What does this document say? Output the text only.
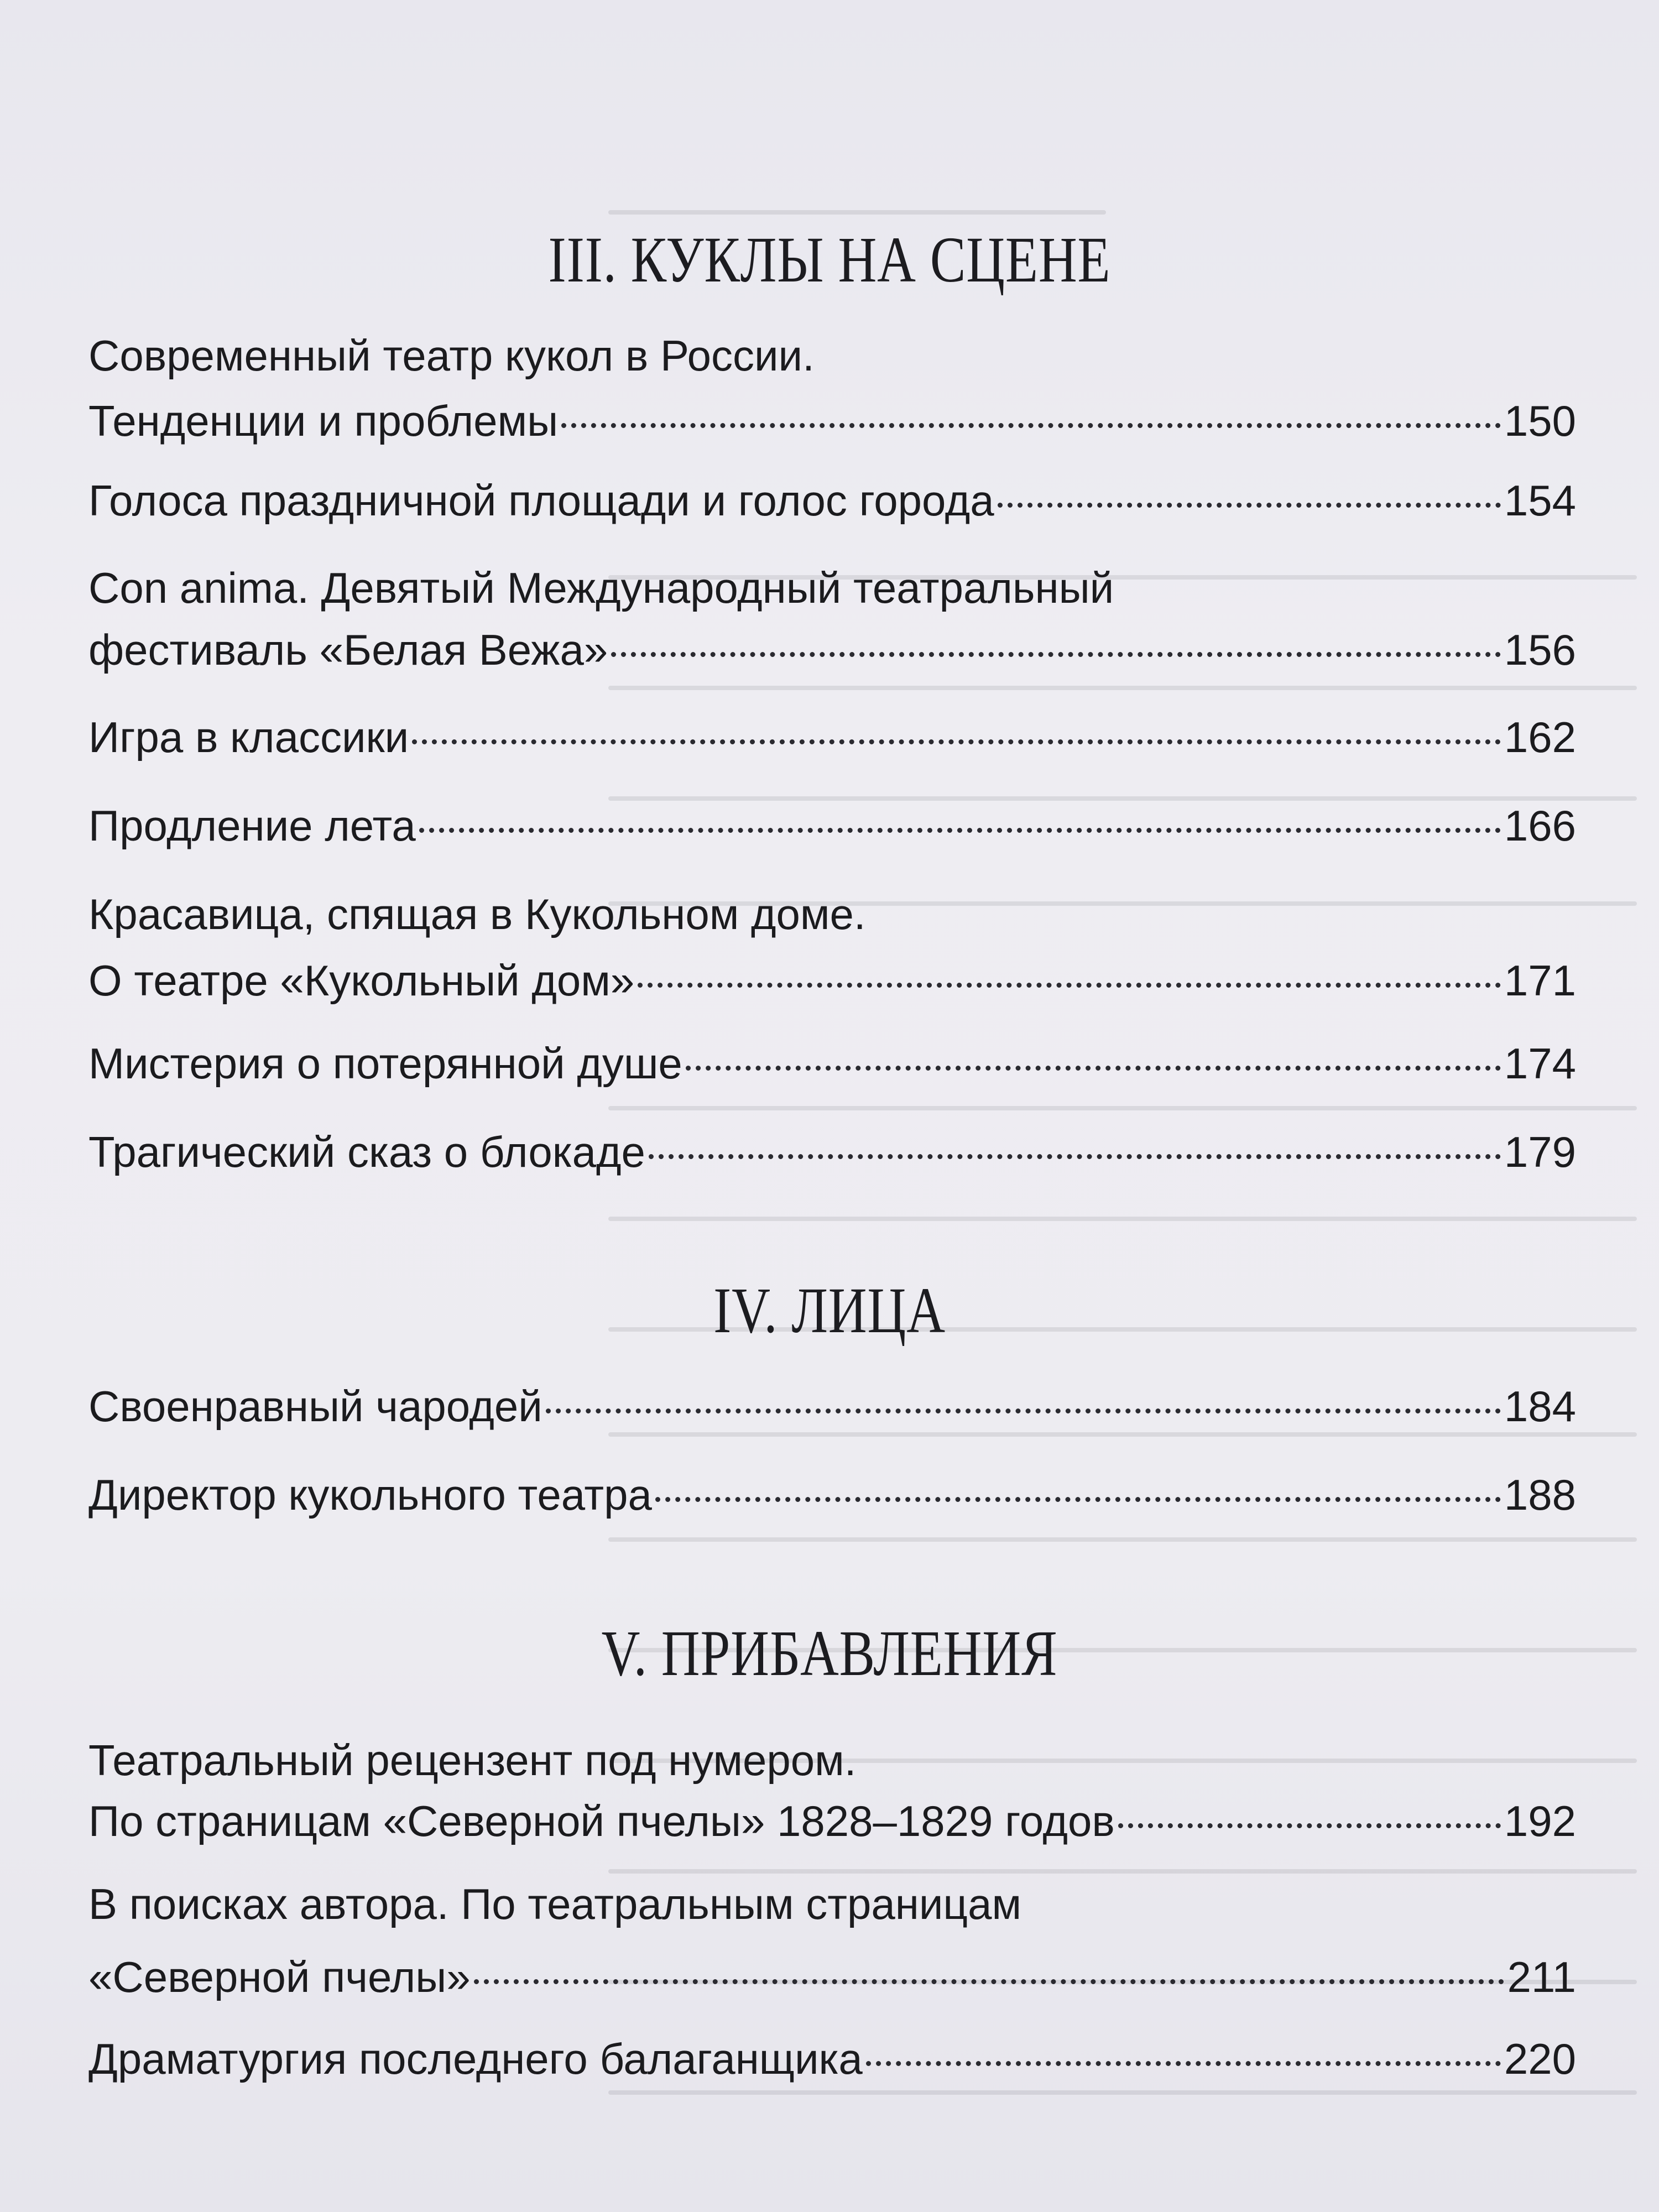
III. КУКЛЫ НА СЦЕНЕ
Современный театр кукол в России.
Тенденции и проблемы	150
Голоса праздничной площади и голос города	154
Con anima. Девятый Международный театральный
фестиваль «Белая Вежа»	156
Игра в классики	162
Продление лета	166
Красавица, спящая в Кукольном доме.
О театре «Кукольный дом»	171
Мистерия о потерянной душе	174
Трагический сказ о блокаде	179
IV. ЛИЦА
Своенравный чародей	184
Директор кукольного театра	188
V. ПРИБАВЛЕНИЯ
Театральный рецензент под нумером.
По страницам «Северной пчелы» 1828–1829 годов	192
В поисках автора. По театральным страницам
«Северной пчелы»	211
Драматургия последнего балаганщика	220
